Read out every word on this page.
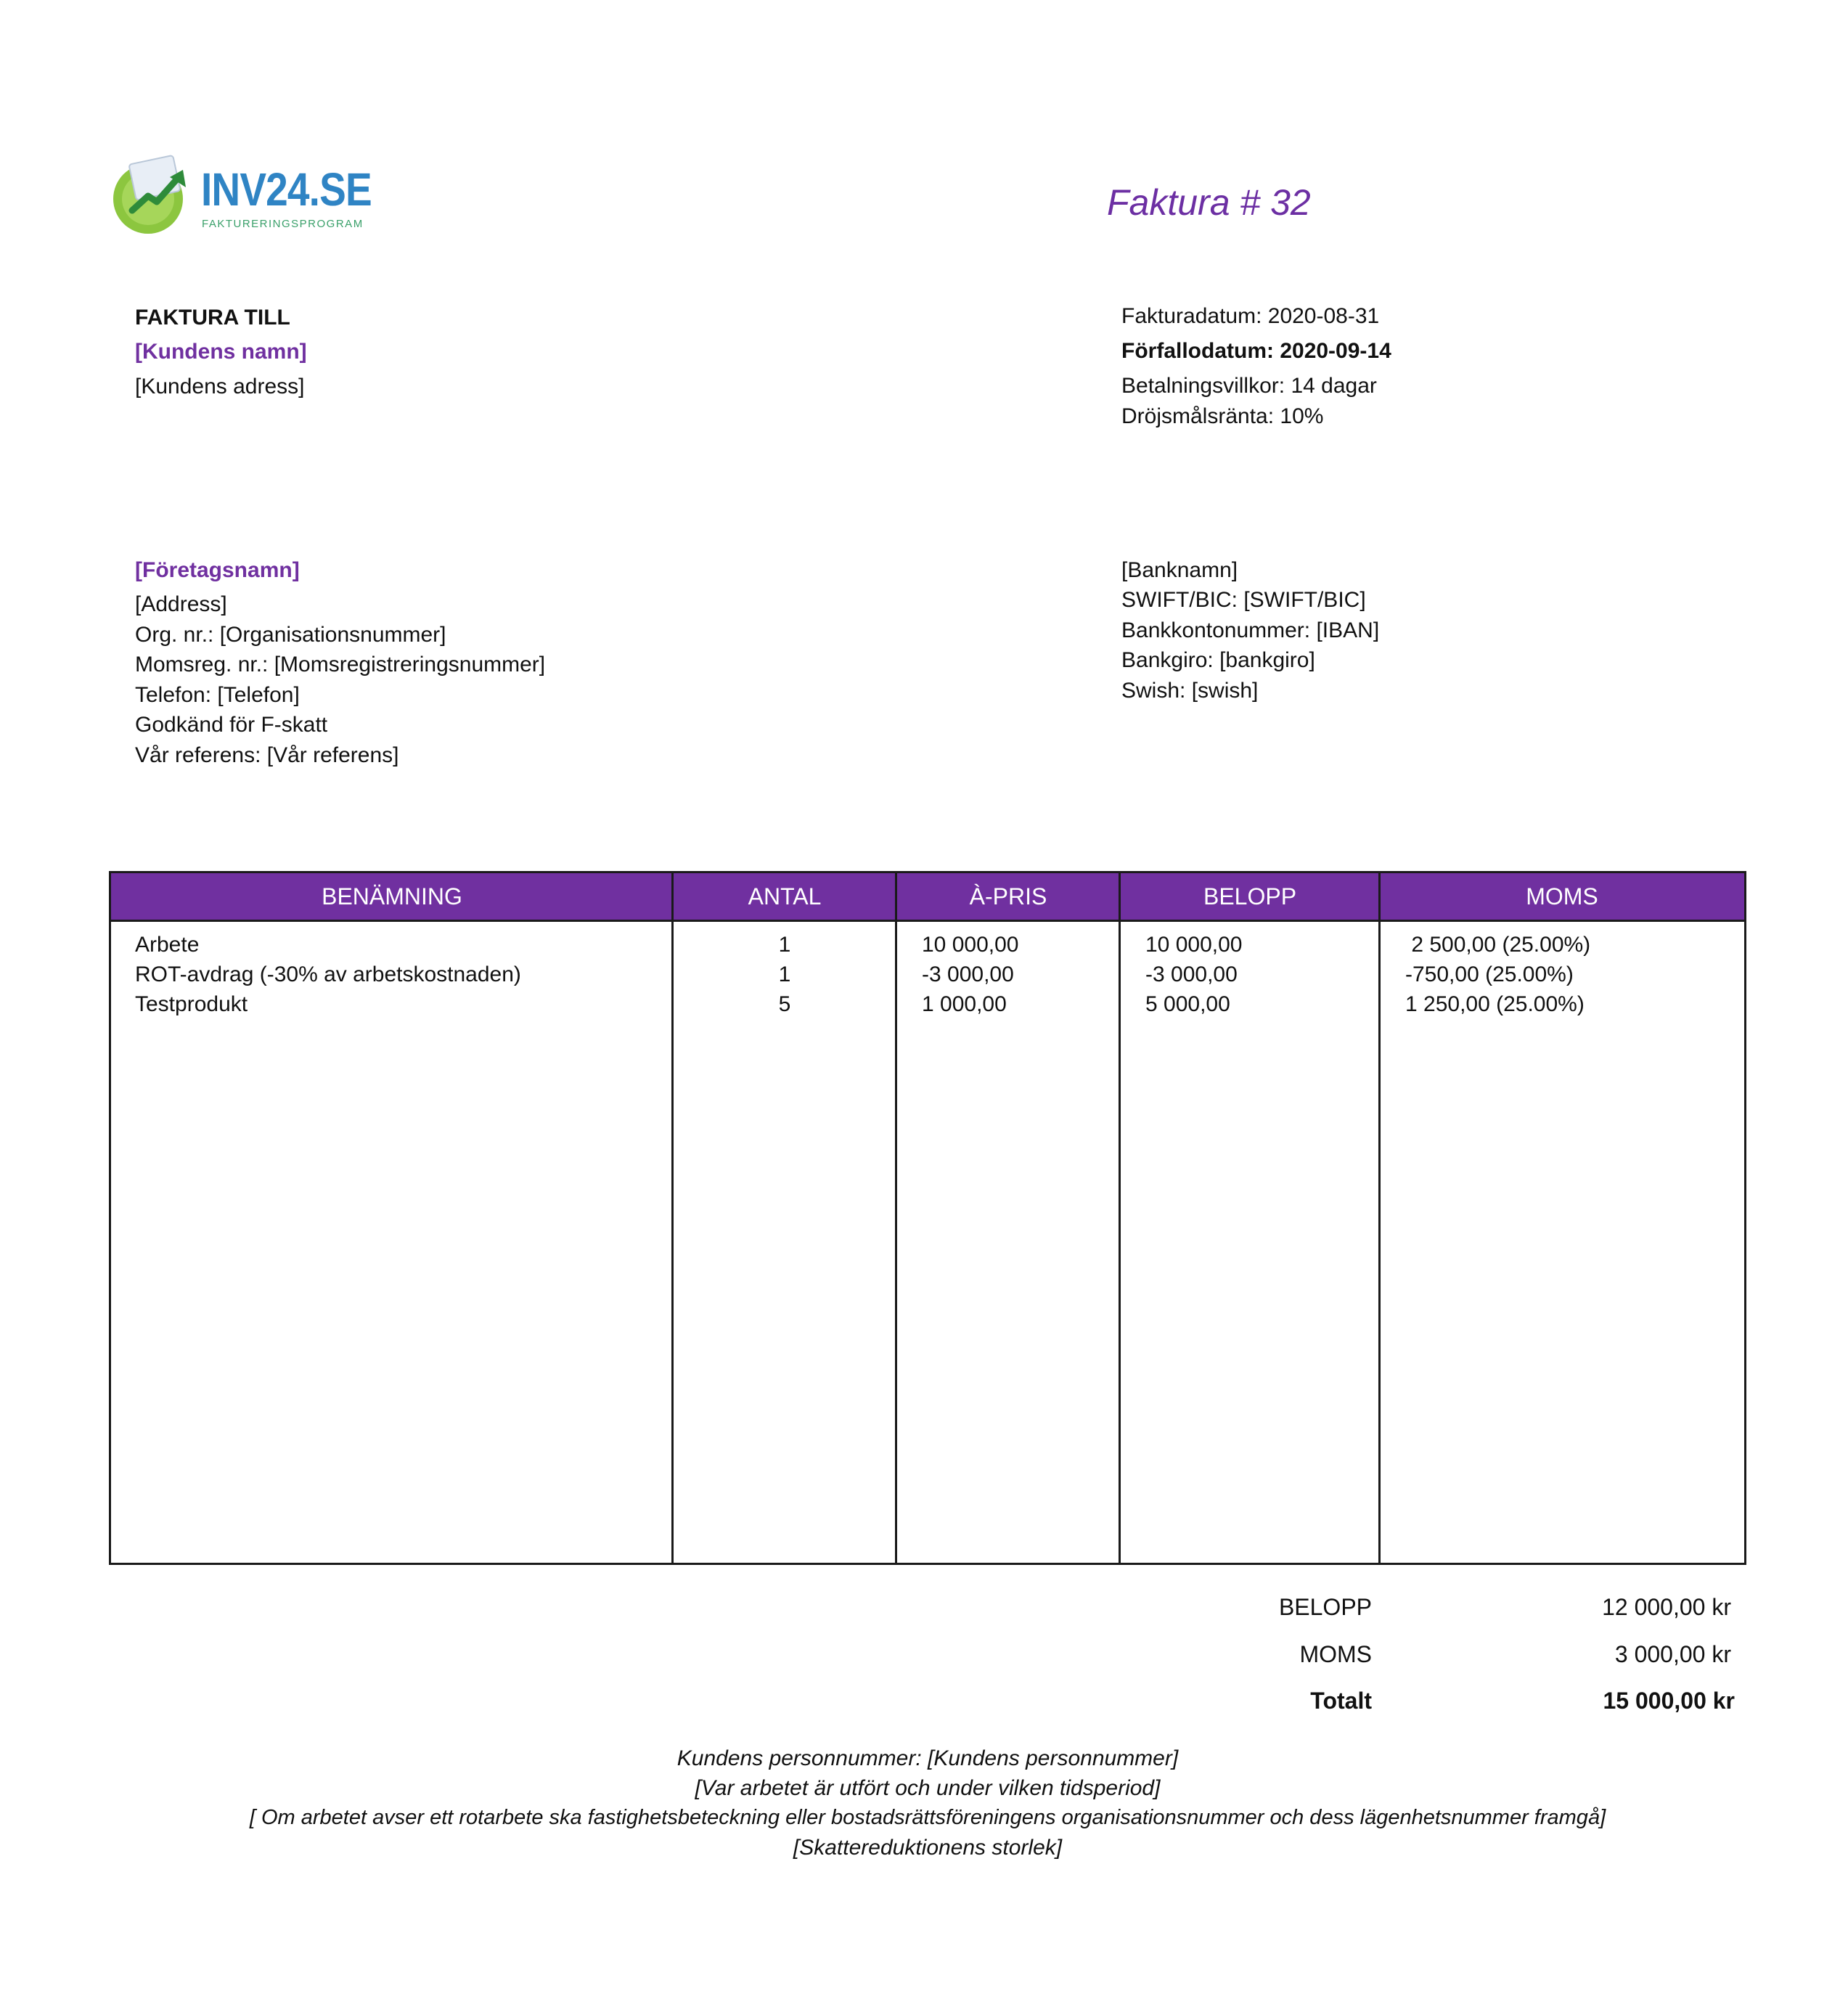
INV24.SE
FAKTURERINGSPROGRAM
Faktura # 32
FAKTURA TILL
[Kundens namn]
[Kundens adress]
Fakturadatum: 2020-08-31
Förfallodatum: 2020-09-14
Betalningsvillkor: 14 dagar
Dröjsmålsränta: 10%
[Företagsnamn]
[Address]
Org. nr.: [Organisationsnummer]
Momsreg. nr.: [Momsregistreringsnummer]
Telefon: [Telefon]
Godkänd för F-skatt
Vår referens: [Vår referens]
[Banknamn]
SWIFT/BIC: [SWIFT/BIC]
Bankkontonummer: [IBAN]
Bankgiro: [bankgiro]
Swish: [swish]
BENÄMNING	ANTAL	À-PRIS	BELOPP	MOMS
Arbete	1	10 000,00	10 000,00	2 500,00 (25.00%)
ROT-avdrag (-30% av arbetskostnaden)	1	-3 000,00	-3 000,00	-750,00 (25.00%)
Testprodukt	5	1 000,00	5 000,00	1 250,00 (25.00%)
BELOPP	12 000,00 kr
MOMS	3 000,00 kr
Totalt	15 000,00 kr
Kundens personnummer: [Kundens personnummer]
[Var arbetet är utfört och under vilken tidsperiod]
[ Om arbetet avser ett rotarbete ska fastighetsbeteckning eller bostadsrättsföreningens organisationsnummer och dess lägenhetsnummer framgå]
[Skattereduktionens storlek]
